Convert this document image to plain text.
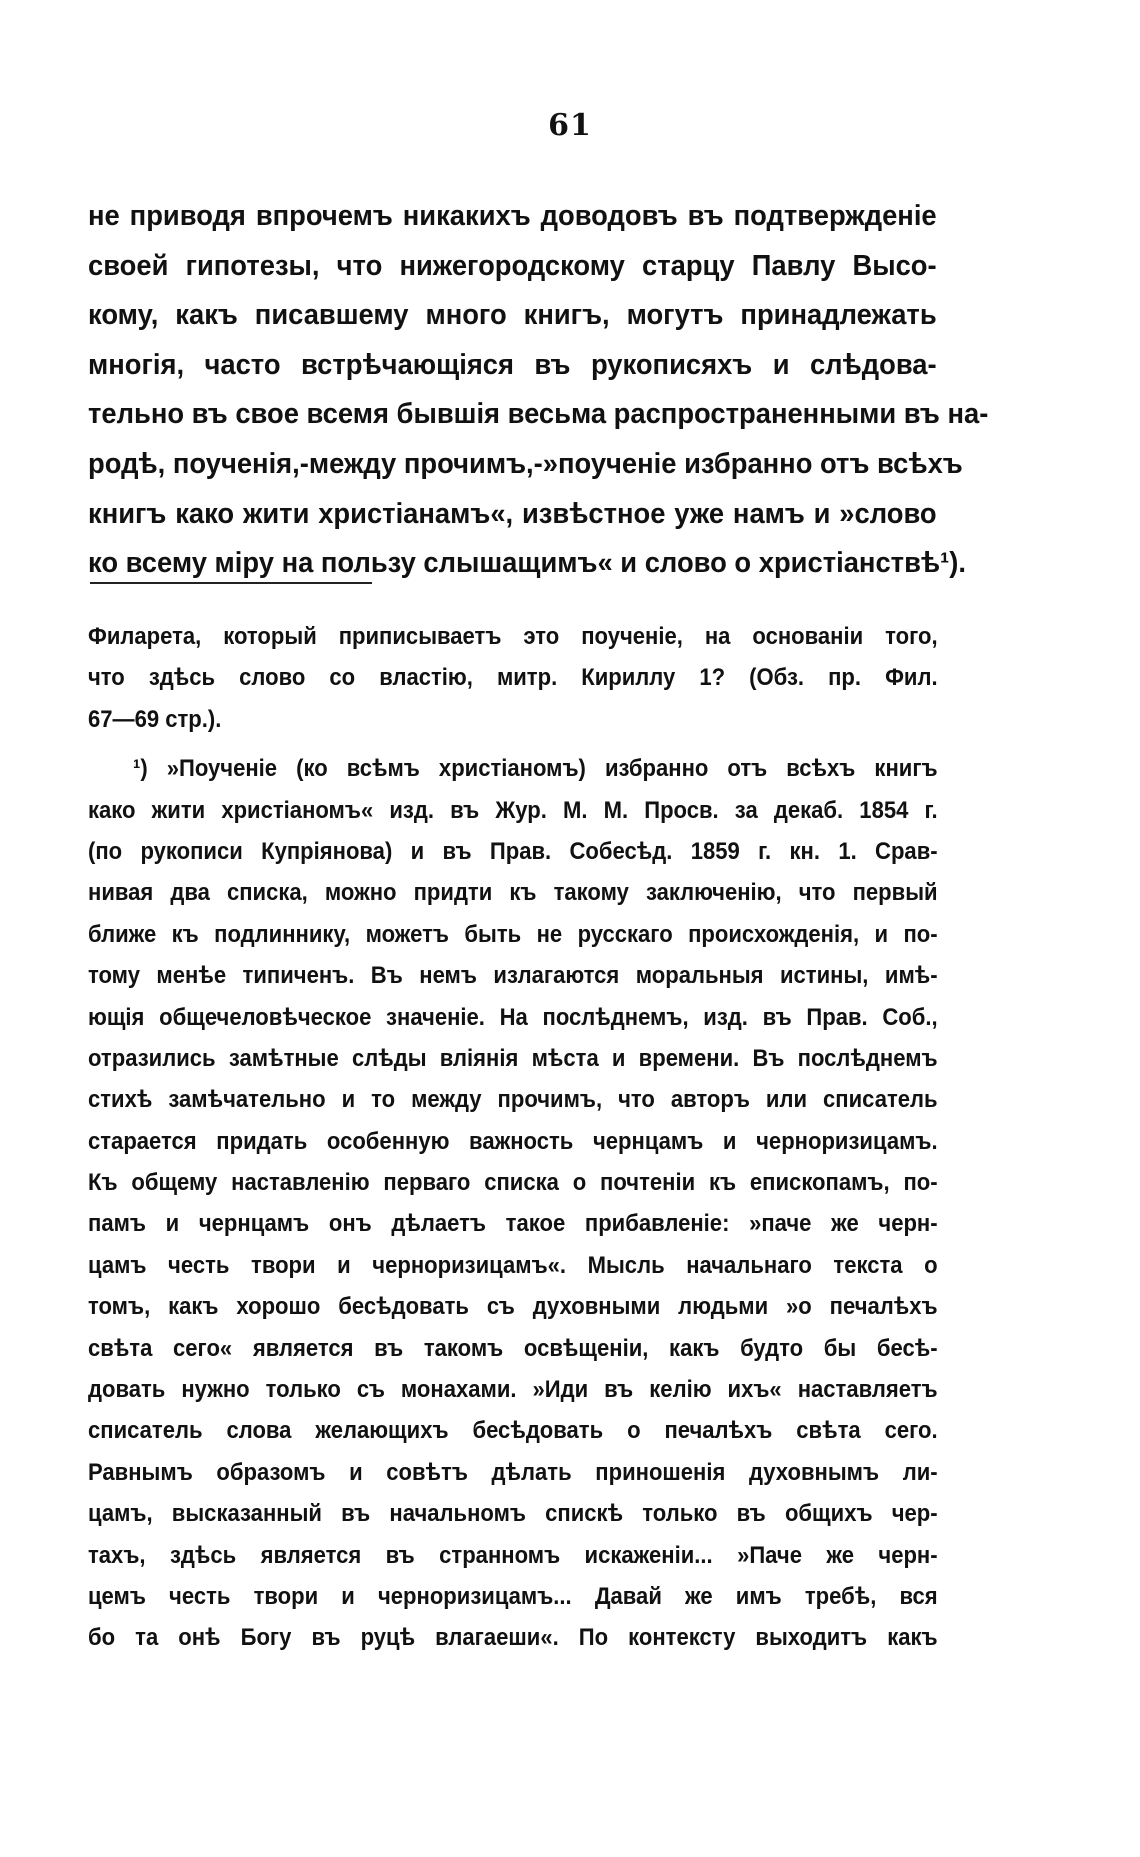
61
не приводя впрочемъ никакихъ доводовъ въ подтвержденіе
своей гипотезы, что нижегородскому старцу Павлу Высо-
кому, какъ писавшему много книгъ, могутъ принадлежать
многія, часто встрѣчающіяся въ рукописяхъ и слѣдова-
тельно въ свое всемя бывшія весьма распространенными въ на-
родѣ, поученія,-между прочимъ,-»поученіе избранно отъ всѣхъ
книгъ како жити христіанамъ«, извѣстное уже намъ и »слово
ко всему міру на пользу слышащимъ« и слово о христіанствѣ¹).
Филарета, который приписываетъ это поученіе, на основаніи того,
что здѣсь слово со властію, митр. Кириллу 1? (Обз. пр. Фил.
67—69 стр.).
¹) »Поученіе (ко всѣмъ христіаномъ) избранно отъ всѣхъ книгъ
како жити христіаномъ« изд. въ Жур. М. М. Просв. за декаб. 1854 г.
(по рукописи Купріянова) и въ Прав. Собесѣд. 1859 г. кн. 1. Срав-
нивая два списка, можно придти къ такому заключенію, что первый
ближе къ подлиннику, можетъ быть не русскаго происхожденія, и по-
тому менѣе типиченъ. Въ немъ излагаются моральныя истины, имѣ-
ющія общечеловѣческое значеніе. На послѣднемъ, изд. въ Прав. Соб.,
отразились замѣтные слѣды вліянія мѣста и времени. Въ послѣднемъ
стихѣ замѣчательно и то между прочимъ, что авторъ или списатель
старается придать особенную важность чернцамъ и черноризицамъ.
Къ общему наставленію перваго списка о почтеніи къ епископамъ, по-
памъ и чернцамъ онъ дѣлаетъ такое прибавленіе: »паче же черн-
цамъ честь твори и черноризицамъ«. Мысль начальнаго текста о
томъ, какъ хорошо бесѣдовать съ духовными людьми »о печалѣхъ
свѣта сего« является въ такомъ освѣщеніи, какъ будто бы бесѣ-
довать нужно только съ монахами. »Иди въ келію ихъ« наставляетъ
списатель слова желающихъ бесѣдовать о печалѣхъ свѣта сего.
Равнымъ образомъ и совѣтъ дѣлать приношенія духовнымъ ли-
цамъ, высказанный въ начальномъ спискѣ только въ общихъ чер-
тахъ, здѣсь является въ странномъ искаженіи... »Паче же черн-
цемъ честь твори и черноризицамъ... Давай же имъ требѣ, вся
бо та онѣ Богу въ руцѣ влагаеши«. По контексту выходитъ какъ
